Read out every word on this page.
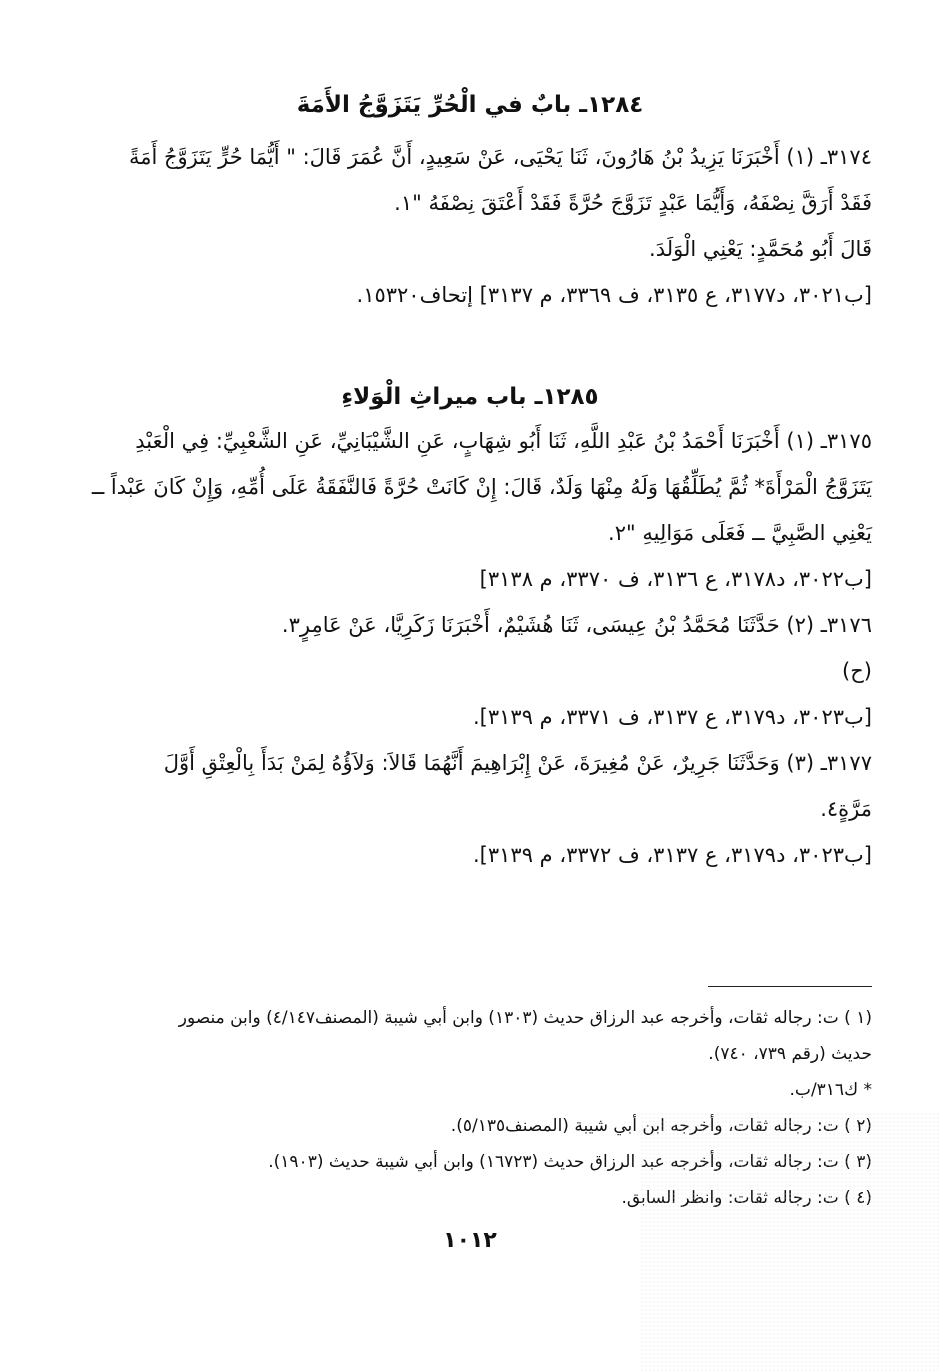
١٢٨٤ـ بابٌ في الْحُرِّ يَتَزَوَّجُ الأَمَةَ
٣١٧٤ـ (١) أَخْبَرَنَا يَزِيدُ بْنُ هَارُونَ، ثَنَا يَحْيَى، عَنْ سَعِيدٍ، أَنَّ عُمَرَ قَالَ: " أَيُّمَا حُرٍّ يَتَزَوَّجُ أَمَةً
فَقَدْ أَرَقَّ نِصْفَهُ، وَأَيُّمَا عَبْدٍ تَزَوَّجَ حُرَّةً فَقَدْ أَعْتَقَ نِصْفَهُ "١.
قَالَ أَبُو مُحَمَّدٍ: يَعْنِي الْوَلَدَ.
[ب٣٠٢١، د٣١٧٧، ع ٣١٣٥، ف ٣٣٦٩، م ٣١٣٧] إتحاف١٥٣٢٠.
١٢٨٥ـ باب ميراثِ الْوَلاءِ
٣١٧٥ـ (١) أَخْبَرَنَا أَحْمَدُ بْنُ عَبْدِ اللَّهِ، ثَنَا أَبُو شِهَابٍ، عَنِ الشَّيْبَانِيِّ، عَنِ الشَّعْبِيِّ: فِي الْعَبْدِ
يَتَزَوَّجُ الْمَرْأَةَ* ثُمَّ يُطَلِّقُهَا وَلَهُ مِنْهَا وَلَدٌ، قَالَ: إِنْ كَانَتْ حُرَّةً فَالنَّفَقَةُ عَلَى أُمِّهِ، وَإِنْ كَانَ عَبْداً ــ
يَعْنِي الصَّبِيَّ ــ فَعَلَى مَوَالِيهِ "٢.
[ب٣٠٢٢، د٣١٧٨، ع ٣١٣٦، ف ٣٣٧٠، م ٣١٣٨]
٣١٧٦ـ (٢) حَدَّثَنَا مُحَمَّدُ بْنُ عِيسَى، ثَنَا هُشَيْمٌ، أَخْبَرَنَا زَكَرِيَّا، عَنْ عَامِرٍ٣.
(ح)
[ب٣٠٢٣، د٣١٧٩، ع ٣١٣٧، ف ٣٣٧١، م ٣١٣٩].
٣١٧٧ـ (٣) وَحَدَّثَنَا جَرِيرٌ، عَنْ مُغِيرَةَ، عَنْ إِبْرَاهِيمَ أَنَّهُمَا قَالاَ: وَلاَؤُهُ لِمَنْ بَدَأَ بِالْعِتْقِ أَوَّلَ
مَرَّةٍ٤.
[ب٣٠٢٣، د٣١٧٩، ع ٣١٣٧، ف ٣٣٧٢، م ٣١٣٩].
(١ ) ت: رجاله ثقات، وأخرجه عبد الرزاق حديث (١٣٠٣) وابن أبي شيبة (المصنف٤/١٤٧) وابن منصور
حديث (رقم ٧٣٩، ٧٤٠).
* ك٣١٦/ب.
(٢ ) ت: رجاله ثقات، وأخرجه ابن أبي شيبة (المصنف٥/١٣٥).
(٣ ) ت: رجاله ثقات، وأخرجه عبد الرزاق حديث (١٦٧٢٣) وابن أبي شيبة حديث (١٩٠٣).
(٤ ) ت: رجاله ثقات: وانظر السابق.
١٠١٢
